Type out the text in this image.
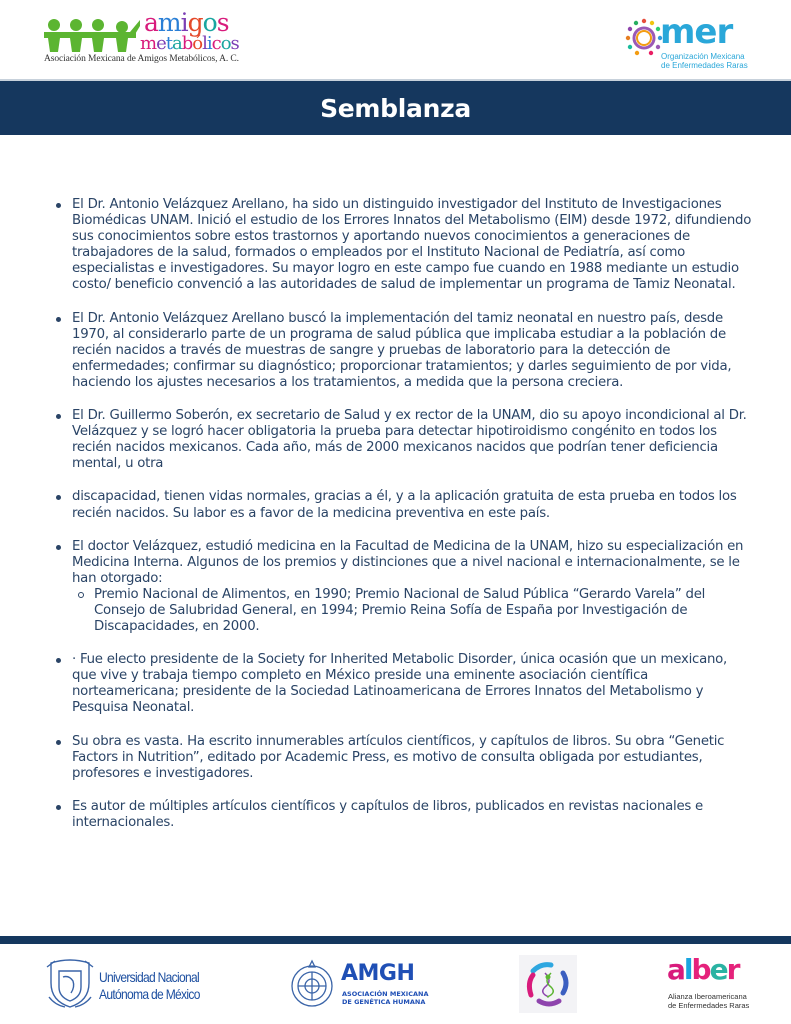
amigos
metabólicos
Asociación Mexicana de Amigos Metabólicos, A. C.
mer
Organización Mexicana
de Enfermedades Raras
Semblanza
El Dr. Antonio Velázquez Arellano, ha sido un distinguido investigador del Instituto de Investigaciones Biomédicas UNAM. Inició el estudio de los Errores Innatos del Metabolismo (EIM) desde 1972, difundiendo sus conocimientos sobre estos trastornos y aportando nuevos conocimientos a generaciones de trabajadores de la salud, formados o empleados por el Instituto Nacional de Pediatría, así como especialistas e investigadores. Su mayor logro en este campo fue cuando en 1988 mediante un estudio costo/ beneficio convenció a las autoridades de salud de implementar un programa de Tamiz Neonatal.
El Dr. Antonio Velázquez Arellano buscó la implementación del tamiz neonatal en nuestro país, desde 1970, al considerarlo parte de un programa de salud pública que implicaba estudiar a la población de recién nacidos a través de muestras de sangre y pruebas de laboratorio para la detección de enfermedades; confirmar su diagnóstico; proporcionar tratamientos; y darles seguimiento de por vida, haciendo los ajustes necesarios a los tratamientos, a medida que la persona creciera.
El Dr. Guillermo Soberón, ex secretario de Salud y ex rector de la UNAM, dio su apoyo incondicional al Dr. Velázquez y se logró hacer obligatoria la prueba para detectar hipotiroidismo congénito en todos los recién nacidos mexicanos. Cada año, más de 2000 mexicanos nacidos que podrían tener deficiencia mental, u otra
discapacidad, tienen vidas normales, gracias a él, y a la aplicación gratuita de esta prueba en todos los recién nacidos. Su labor es a favor de la medicina preventiva en este país.
El doctor Velázquez, estudió medicina en la Facultad de Medicina de la UNAM, hizo su especialización en Medicina Interna. Algunos de los premios y distinciones que a nivel nacional e internacionalmente, se le han otorgado:
Premio Nacional de Alimentos, en 1990; Premio Nacional de Salud Pública “Gerardo Varela” del Consejo de Salubridad General, en 1994; Premio Reina Sofía de España por Investigación de Discapacidades, en 2000.
· Fue electo presidente de la Society for Inherited Metabolic Disorder, única ocasión que un mexicano, que vive y trabaja tiempo completo en México preside una eminente asociación científica norteamericana; presidente de la Sociedad Latinoamericana de Errores Innatos del Metabolismo y Pesquisa Neonatal.
Su obra es vasta. Ha escrito innumerables artículos científicos, y capítulos de libros. Su obra “Genetic Factors in Nutrition”, editado por Academic Press, es motivo de consulta obligada por estudiantes, profesores e investigadores.
Es autor de múltiples artículos científicos y capítulos de libros, publicados en revistas nacionales e internacionales.
Universidad Nacional
Autónoma de México
AMGH
ASOCIACIÓN MEXICANA
DE GENÉTICA HUMANA
alber
Alianza Iberoamericana
de Enfermedades Raras
